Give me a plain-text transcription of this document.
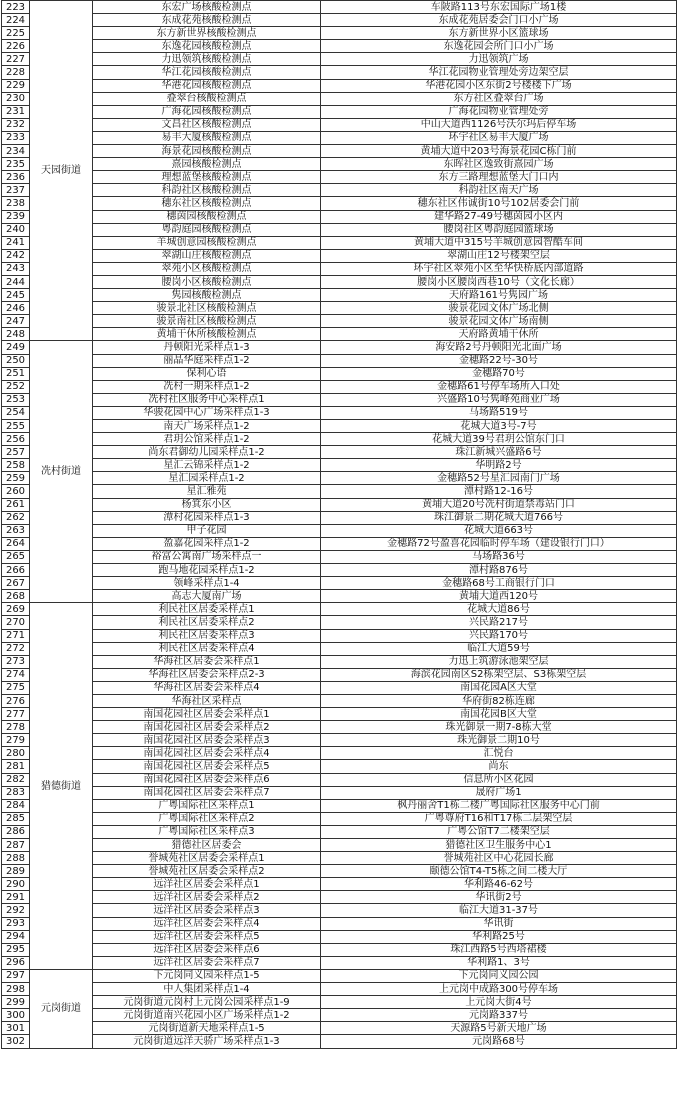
223	天园街道	东宏广场核酸检测点	车陂路113号东宏国际广场1楼
224		东成花苑核酸检测点	东成花苑居委会门口小广场
225		东方新世界核酸检测点	东方新世界小区篮球场
226		东逸花园核酸检测点	东逸花园会所门口小广场
227		力迅领筑核酸检测点	力迅领筑广场
228		华江花园核酸检测点	华江花园物业管理处旁边架空层
229		华港花园核酸检测点	华港花园小区东街2号楼楼下广场
230		叠翠台核酸检测点	东方社区叠翠台广场
231		广海花园核酸检测点	广海花园物业管理处旁
232		文昌社区核酸检测点	中山大道西1126号沃尔玛后停车场
233		易丰大厦核酸检测点	环宇社区易丰大厦广场
234		海景花园核酸检测点	黄埔大道中203号海景花园C栋门前
235		熹园核酸检测点	东晖社区逸致街熹园广场
236		理想蓝堡核酸检测点	东方三路理想蓝堡大门口内
237		科韵社区核酸检测点	科韵社区南天广场
238		穗东社区核酸检测点	穗东社区伟诚街10号102居委会门前
239		穗茵园核酸检测点	建华路27-49号穗茵园小区内
240		粤韵庭园核酸检测点	腰岗社区粤韵庭园篮球场
241		羊城创意园核酸检测点	黄埔大道中315号羊城创意园智酷车间
242		翠湖山庄核酸检测点	翠湖山庄12号楼架空层
243		翠苑小区核酸检测点	环宇社区翠苑小区至华快桥底内部道路
244		腰岗小区核酸检测点	腰岗小区腰岗西巷10号（文化长廊）
245		隽园核酸检测点	天府路161号隽园广场
246		骏景北社区核酸检测点	骏景花园文体广场北侧
247		骏景南社区核酸检测点	骏景花园文体广场南侧
248		黄埔干休所核酸检测点	天府路黄埔干休所
249	冼村街道	丹顿阳光采样点1-3	海安路2号丹顿阳光北面广场
250		丽晶华庭采样点1-2	金穗路22号-30号
251		保利心语	金穗路70号
252		冼村一期采样点1-2	金穗路61号停车场所入口处
253		冼村社区服务中心采样点1	兴盛路10号隽峰苑商业广场
254		华骏花园中心广场采样点1-3	马场路519号
255		南天广场采样点1-2	花城大道3号-7号
256		君玥公馆采样点1-2	花城大道39号君玥公馆东门口
257		尚东君御幼儿园采样点1-2	珠江新城兴盛路6号
258		星汇云锦采样点1-2	华明路2号
259		星汇园采样点1-2	金穗路52号星汇园南门广场
260		星汇雅苑	潭村路12-16号
261		杨箕东小区	黄埔大道20号冼村街道禁毒站门口
262		潭村花园采样点1-3	珠江御景二期花城大道766号
263		甲子花园	花城大道663号
264		盈嘉花园采样点1-2	金穗路72号盈喜花园临时停车场（建设银行门口）
265		裕富公寓南广场采样点一	马场路36号
266		跑马地花园采样点1-2	潭村路876号
267		领峰采样点1-4	金穗路68号工商银行门口
268		高志大厦南广场	黄埔大道西120号
269	猎德街道	利民社区居委采样点1	花城大道86号
270		利民社区居委采样点2	兴民路217号
271		利民社区居委采样点3	兴民路170号
272		利民社区居委采样点4	临江大道59号
273		华海社区居委会采样点1	力迅上筑游泳池架空层
274		华海社区居委会采样点2-3	海滨花园南区S2栋架空层、S3栋架空层
275		华海社区居委会采样点4	南国花园A区大堂
276		华海社区采样点	华府街82栋连廊
277		南国花园社区居委会采样点1	南国花园B区大堂
278		南国花园社区居委会采样点2	珠光御景一期7-8栋大堂
279		南国花园社区居委会采样点3	珠光御景二期10号
280		南国花园社区居委会采样点4	汇悦台
281		南国花园社区居委会采样点5	尚东
282		南国花园社区居委会采样点6	信息所小区花园
283		南国花园社区居委会采样点7	晟府广场1
284		广粤国际社区采样点1	枫丹丽舍T1栋二楼广粤国际社区服务中心门前
285		广粤国际社区采样点2	广粤尊府T16和T17栋二层架空层
286		广粤国际社区采样点3	广粤公馆T7二楼架空层
287		猎德社区居委会	猎德社区卫生服务中心1
288		誉城苑社区居委会采样点1	誉城苑社区中心花园长廊
289		誉城苑社区居委会采样点2	颐德公馆T4-T5栋之间二楼大厅
290		远洋社区居委会采样点1	华利路46-62号
291		远洋社区居委会采样点2	华讯街2号
292		远洋社区居委会采样点3	临江大道31-37号
293		远洋社区居委会采样点4	华讯街
294		远洋社区居委会采样点5	华利路25号
295		远洋社区居委会采样点6	珠江西路5号西塔裙楼
296		远洋社区居委会采样点7	华利路1、3号
297	元岗街道	下元岗同义园采样点1-5	下元岗同义园公园
298		中人集团采样点1-4	上元岗中成路300号停车场
299		元岗街道元岗村上元岗公园采样点1-9	上元岗大街4号
300		元岗街道南兴花园小区广场采样点1-2	元岗路337号
301		元岗街道新天地采样点1-5	天源路5号新天地广场
302		元岗街道远洋天骄广场采样点1-3	元岗路68号
